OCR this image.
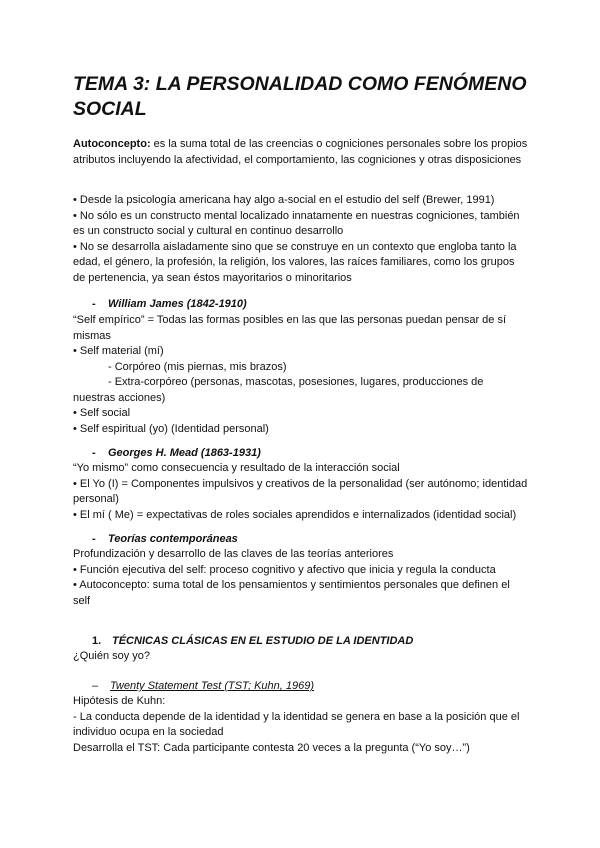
TEMA 3: LA PERSONALIDAD COMO FENÓMENO SOCIAL

Autoconcepto: es la suma total de las creencias o cogniciones personales sobre los propios atributos incluyendo la afectividad, el comportamiento, las cogniciones y otras disposiciones

• Desde la psicología americana hay algo a-social en el estudio del self (Brewer, 1991)

• No sólo es un constructo mental localizado innatamente en nuestras cogniciones, también es un constructo social y cultural en continuo desarrollo

• No se desarrolla aisladamente sino que se construye en un contexto que engloba tanto la edad, el género, la profesión, la religión, los valores, las raíces familiares, como los grupos de pertenencia, ya sean éstos mayoritarios o minoritarios

- William James (1842-1910)

“Self empírico” = Todas las formas posibles en las que las personas puedan pensar de sí mismas

• Self material (mí)

- Corpóreo (mis piernas, mis brazos)

- Extra-corpóreo (personas, mascotas, posesiones, lugares, producciones de

nuestras acciones)

• Self social

• Self espiritual (yo) (Identidad personal)

- Georges H. Mead (1863-1931)

“Yo mismo” como consecuencia y resultado de la interacción social

• El Yo (I) = Componentes impulsivos y creativos de la personalidad (ser autónomo; identidad personal)

• El mí ( Me) = expectativas de roles sociales aprendidos e internalizados (identidad social)

- Teorías contemporáneas

Profundización y desarrollo de las claves de las teorías anteriores

• Función ejecutiva del self: proceso cognitivo y afectivo que inicia y regula la conducta

• Autoconcepto: suma total de los pensamientos y sentimientos personales que definen el self

1. TÉCNICAS CLÁSICAS EN EL ESTUDIO DE LA IDENTIDAD

¿Quién soy yo?

– Twenty Statement Test (TST; Kuhn, 1969)

Hipótesis de Kuhn:

- La conducta depende de la identidad y la identidad se genera en base a la posición que el individuo ocupa en la sociedad

Desarrolla el TST: Cada participante contesta 20 veces a la pregunta (“Yo soy…”)
